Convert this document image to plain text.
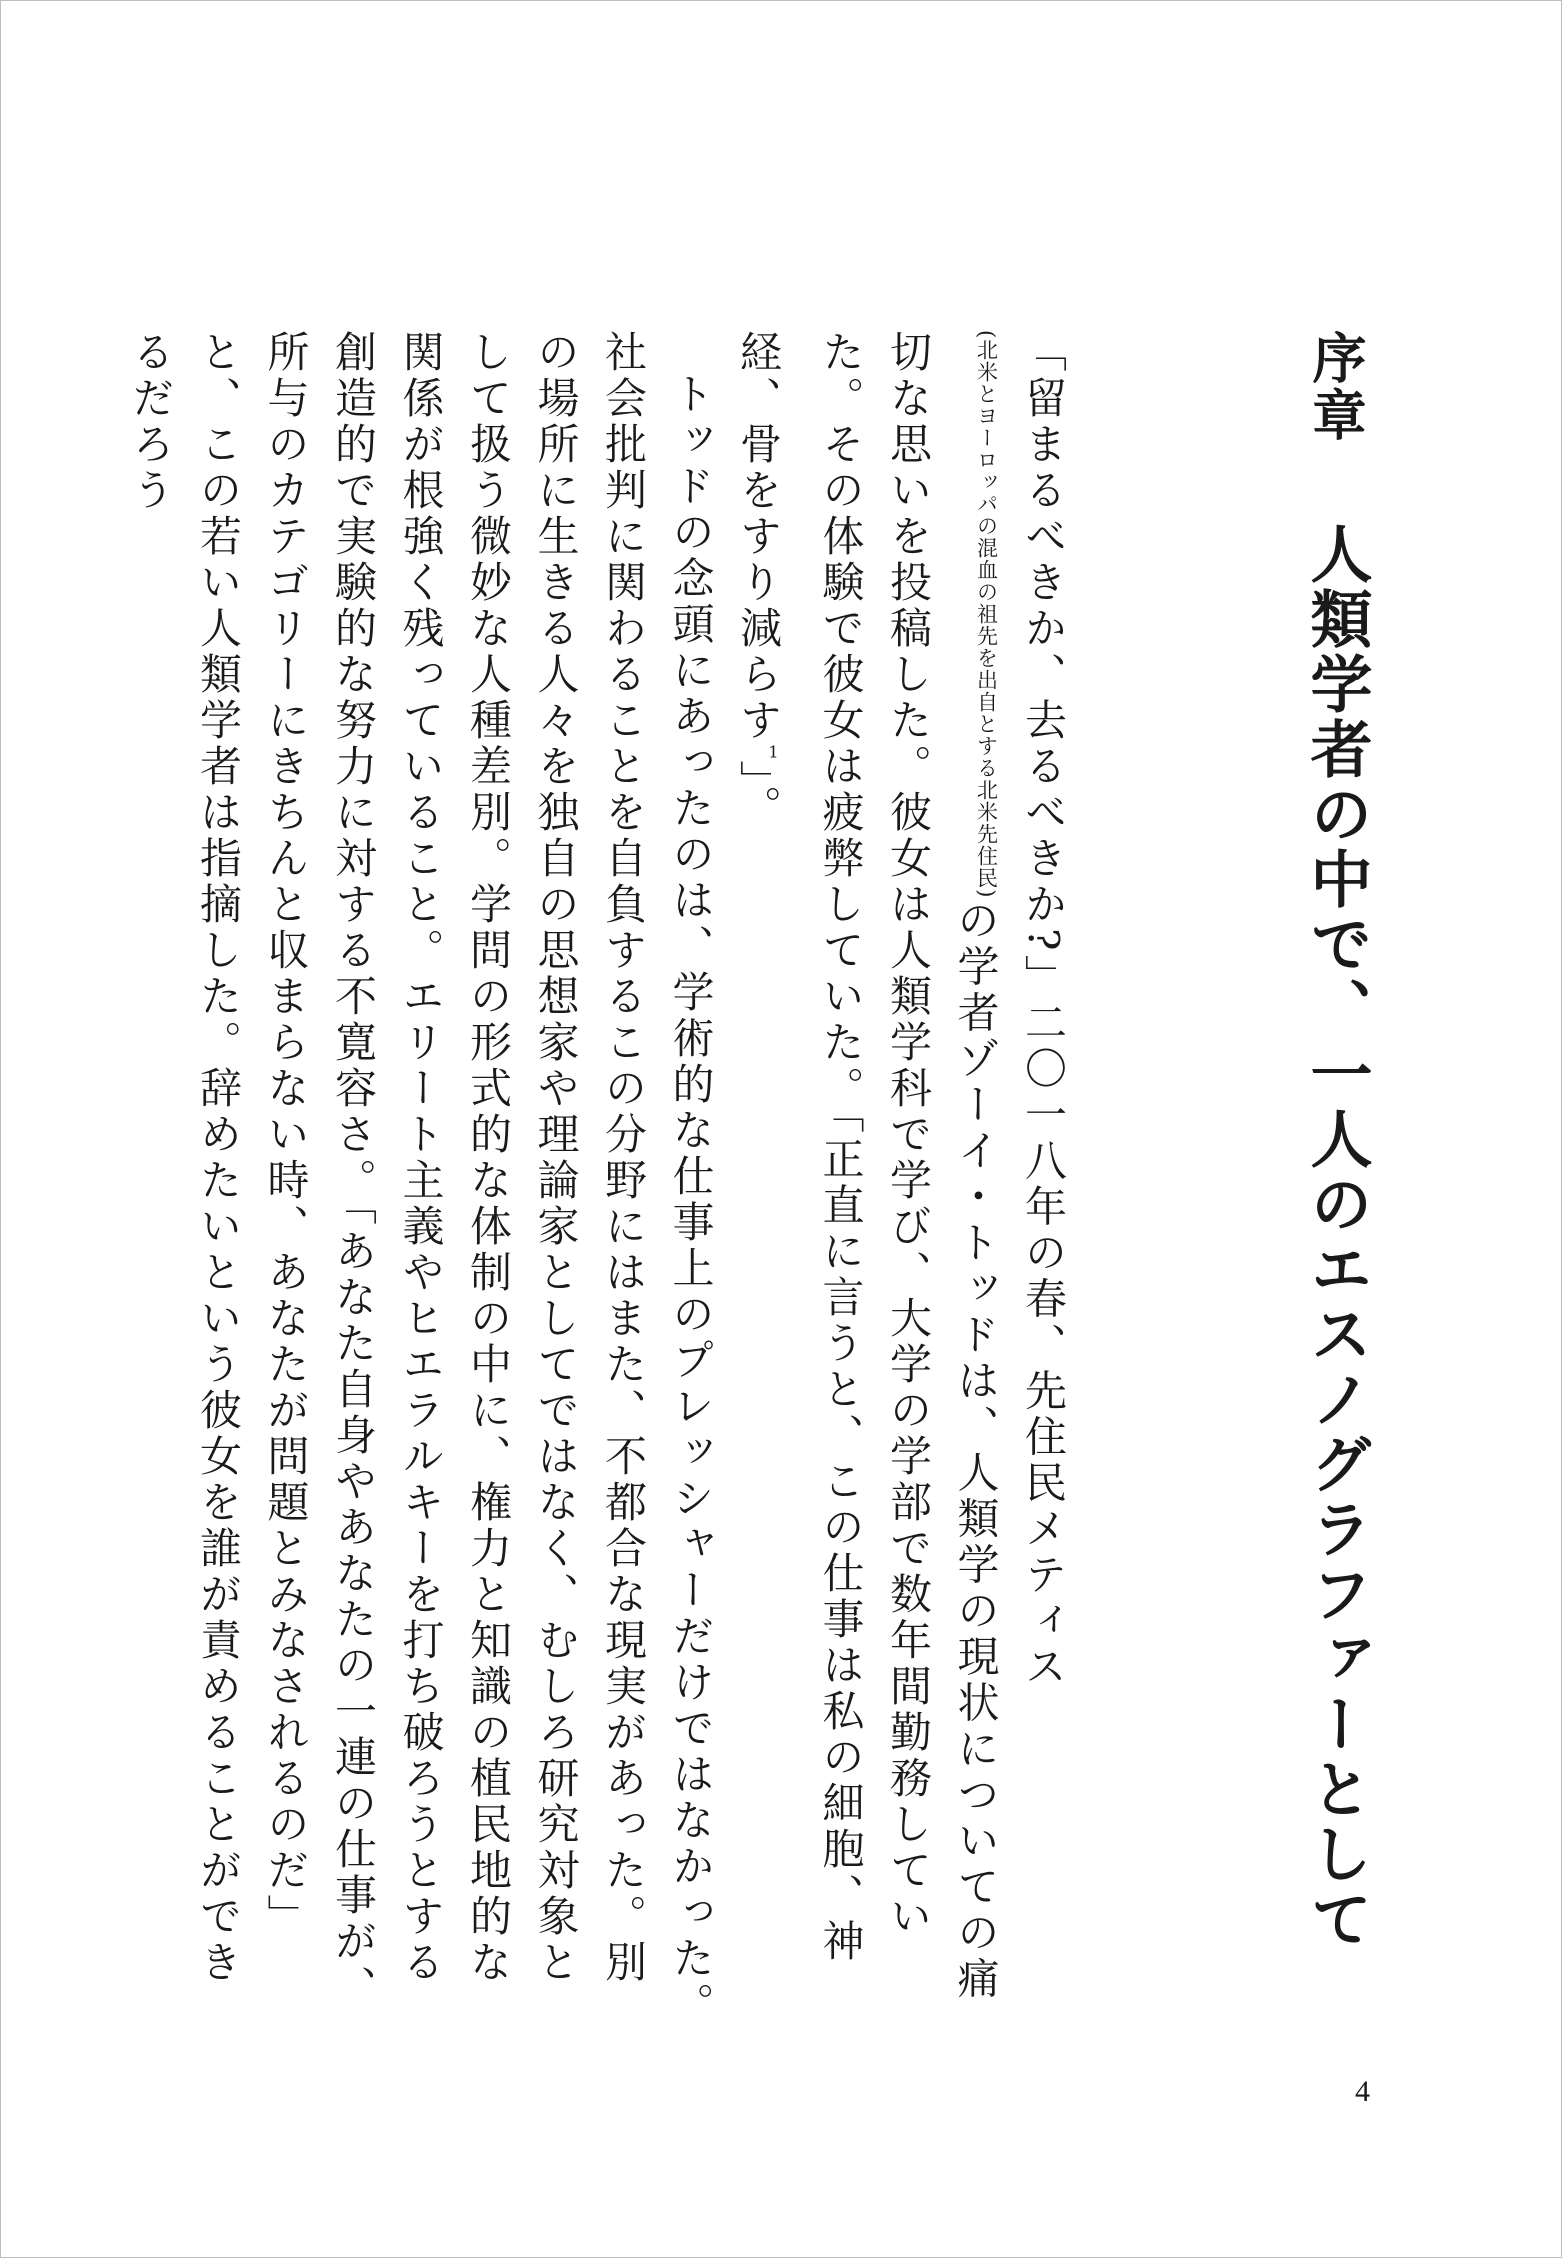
序章人類学者の中で、一人のエスノグラファーとして

「留まるべきか、去るべきか?」二〇一八年の春、先住民メティス(北米とヨーロッパの混血の祖先を出自とする北米先住民)の学者ゾーイ・トッドは、人類学の現状についての痛切な思いを投稿した。彼女は人類学科で学び、大学の学部で数年間勤務していた。その体験で彼女は疲弊していた。「正直に言うと、この仕事は私の細胞、神経、骨をすり減らす$^1$」。

トッドの念頭にあったのは、学術的な仕事上のプレッシャーだけではなかった。社会批判に関わることを自負するこの分野にはまた、不都合な現実があった。別の場所に生きる人々を独自の思想家や理論家としてではなく、むしろ研究対象として扱う微妙な人種差別。学問の形式的な体制の中に、権力と知識の植民地的な関係が根強く残っていること。エリート主義やヒエラルキーを打ち破ろうとする創造的で実験的な努力に対する不寛容さ。「あなた自身やあなたの一連の仕事が、所与のカテゴリーにきちんと収まらない時、あなたが問題とみなされるのだ」と、この若い人類学者は指摘した。辞めたいという彼女を誰が責めることができるだろう

4
